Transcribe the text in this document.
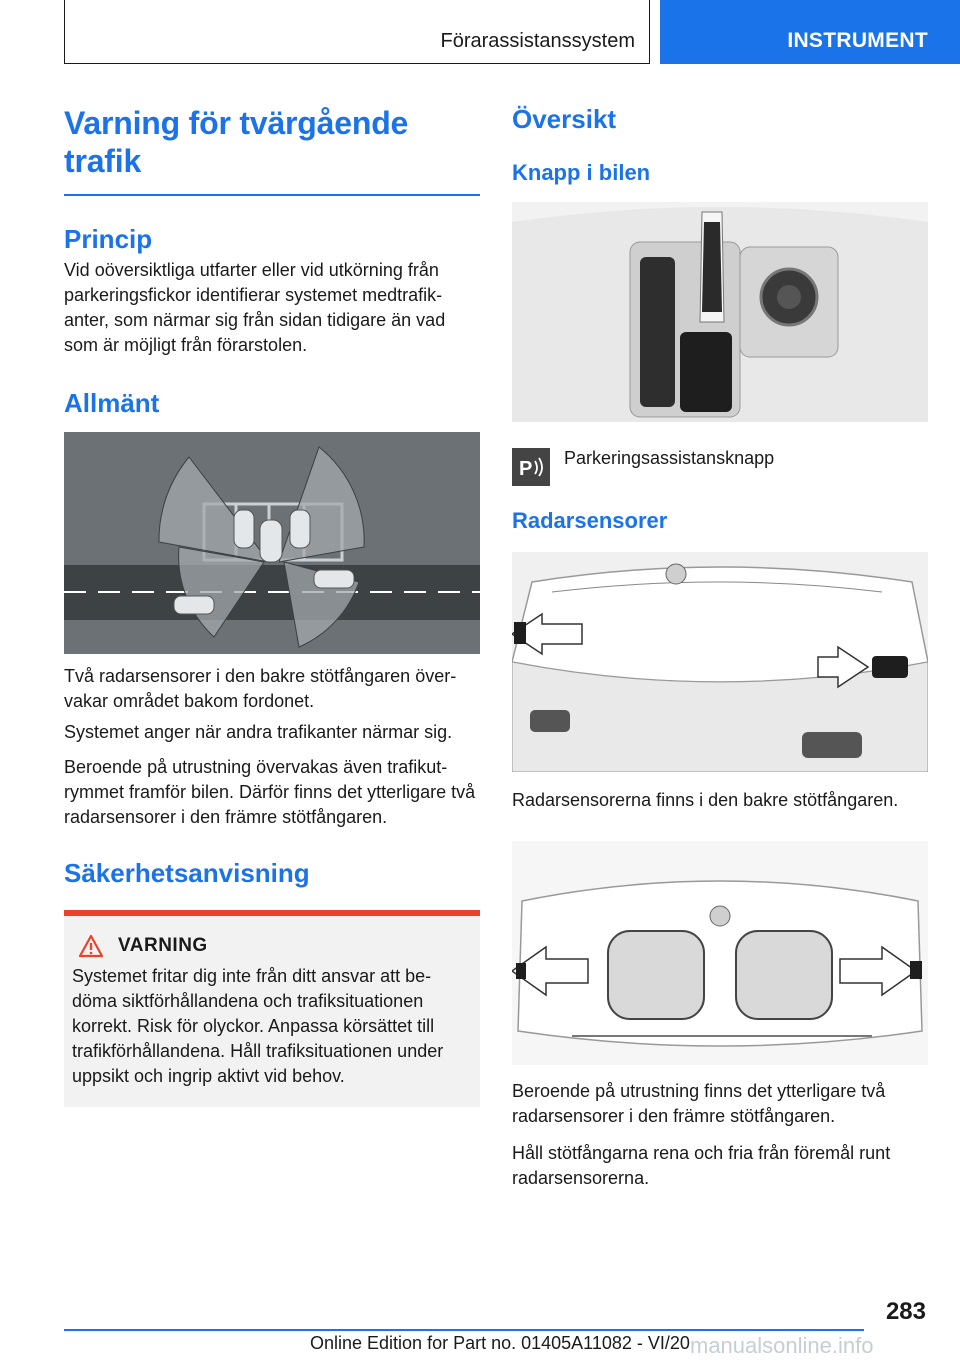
Förarassistanssystem	INSTRUMENT
Varning för tvärgående trafik
Princip

Vid oöversiktliga utfarter eller vid utkörning från parkeringsfickor identifierar systemet medtrafikanter, som närmar sig från sidan tidigare än vad som är möjligt från förarstolen.

Allmänt

Två radarsensorer i den bakre stötfångaren övervakar området bakom fordonet.

Systemet anger när andra trafikanter närmar sig.

Beroende på utrustning övervakas även trafikutrymmet framför bilen. Därför finns det ytterligare två radarsensorer i den främre stötfångaren.

Säkerhetsanvisning
VARNING

Systemet fritar dig inte från ditt ansvar att bedöma siktförhållandena och trafiksituationen korrekt. Risk för olyckor. Anpassa körsättet till trafikförhållandena. Håll trafiksituationen under uppsikt och ingrip aktivt vid behov.

Översikt
Knapp i bilen
P Parkeringsassistansknapp

Radarsensorer

Radarsensorerna finns i den bakre stötfångaren.

Beroende på utrustning finns det ytterligare två radarsensorer i den främre stötfångaren.

Håll stötfångarna rena och fria från föremål runt radarsensorerna.

283
Online Edition for Part no. 01405A11082 - VI/20 manualsonline.info
